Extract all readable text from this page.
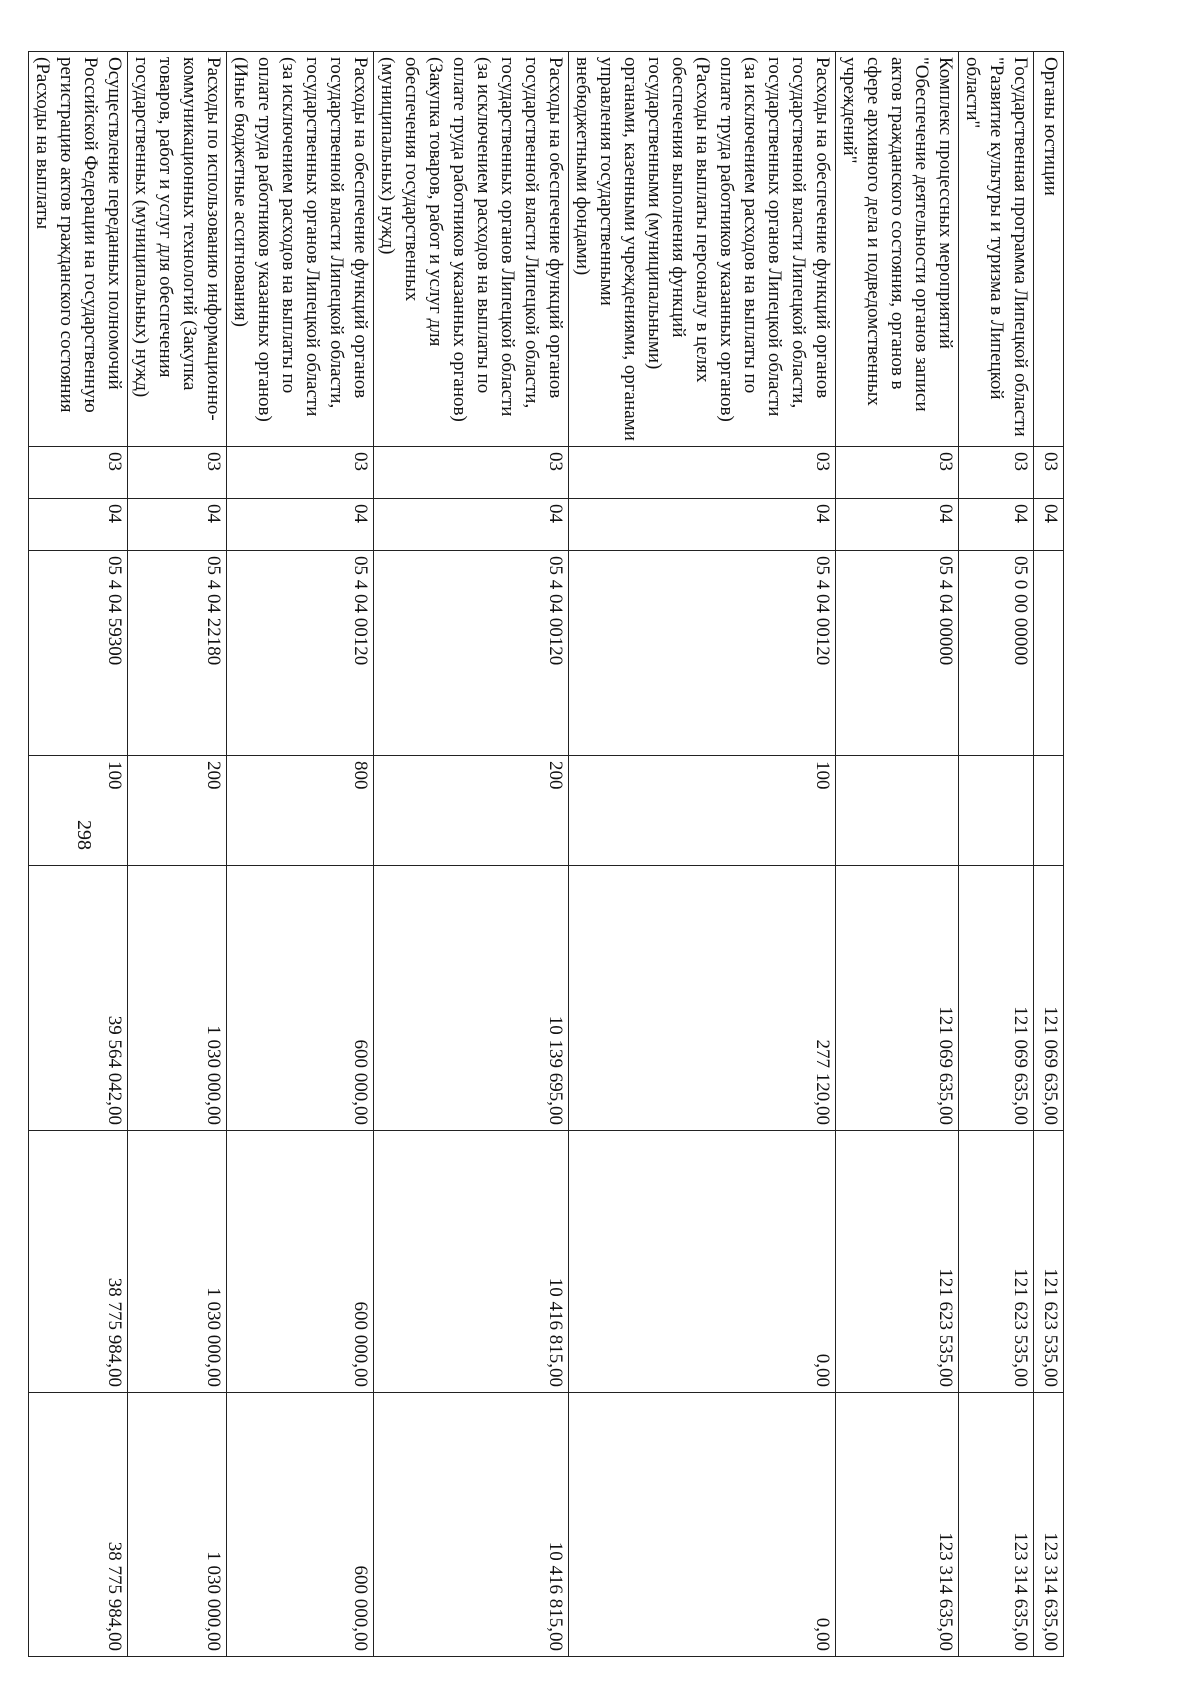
298
Органы юстиции	03	04			121 069 635,00	121 623 535,00	123 314 635,00
Государственная программа Липецкой области "Развитие культуры и туризма в Липецкой области"	03	04	05 0 00 00000		121 069 635,00	121 623 535,00	123 314 635,00
Комплекс процессных мероприятий "Обеспечение деятельности органов записи актов гражданского состояния, органов в сфере архивного дела и подведомственных учреждений"	03	04	05 4 04 00000		121 069 635,00	121 623 535,00	123 314 635,00
Расходы на обеспечение функций органов государственной власти Липецкой области, государственных органов Липецкой области (за исключением расходов на выплаты по оплате труда работников указанных органов) (Расходы на выплаты персоналу в целях обеспечения выполнения функций государственными (муниципальными) органами, казенными учреждениями, органами управления государственными внебюджетными фондами)	03	04	05 4 04 00120	100	277 120,00	0,00	0,00
Расходы на обеспечение функций органов государственной власти Липецкой области, государственных органов Липецкой области (за исключением расходов на выплаты по оплате труда работников указанных органов) (Закупка товаров, работ и услуг для обеспечения государственных (муниципальных) нужд)	03	04	05 4 04 00120	200	10 139 695,00	10 416 815,00	10 416 815,00
Расходы на обеспечение функций органов государственной власти Липецкой области, государственных органов Липецкой области (за исключением расходов на выплаты по оплате труда работников указанных органов) (Иные бюджетные ассигнования)	03	04	05 4 04 00120	800	600 000,00	600 000,00	600 000,00
Расходы по использованию информационно-коммуникационных технологий (Закупка товаров, работ и услуг для обеспечения государственных (муниципальных) нужд)	03	04	05 4 04 22180	200	1 030 000,00	1 030 000,00	1 030 000,00
Осуществление переданных полномочий Российской Федерации на государственную регистрацию актов гражданского состояния (Расходы на выплаты	03	04	05 4 04 59300	100	39 564 042,00	38 775 984,00	38 775 984,00
